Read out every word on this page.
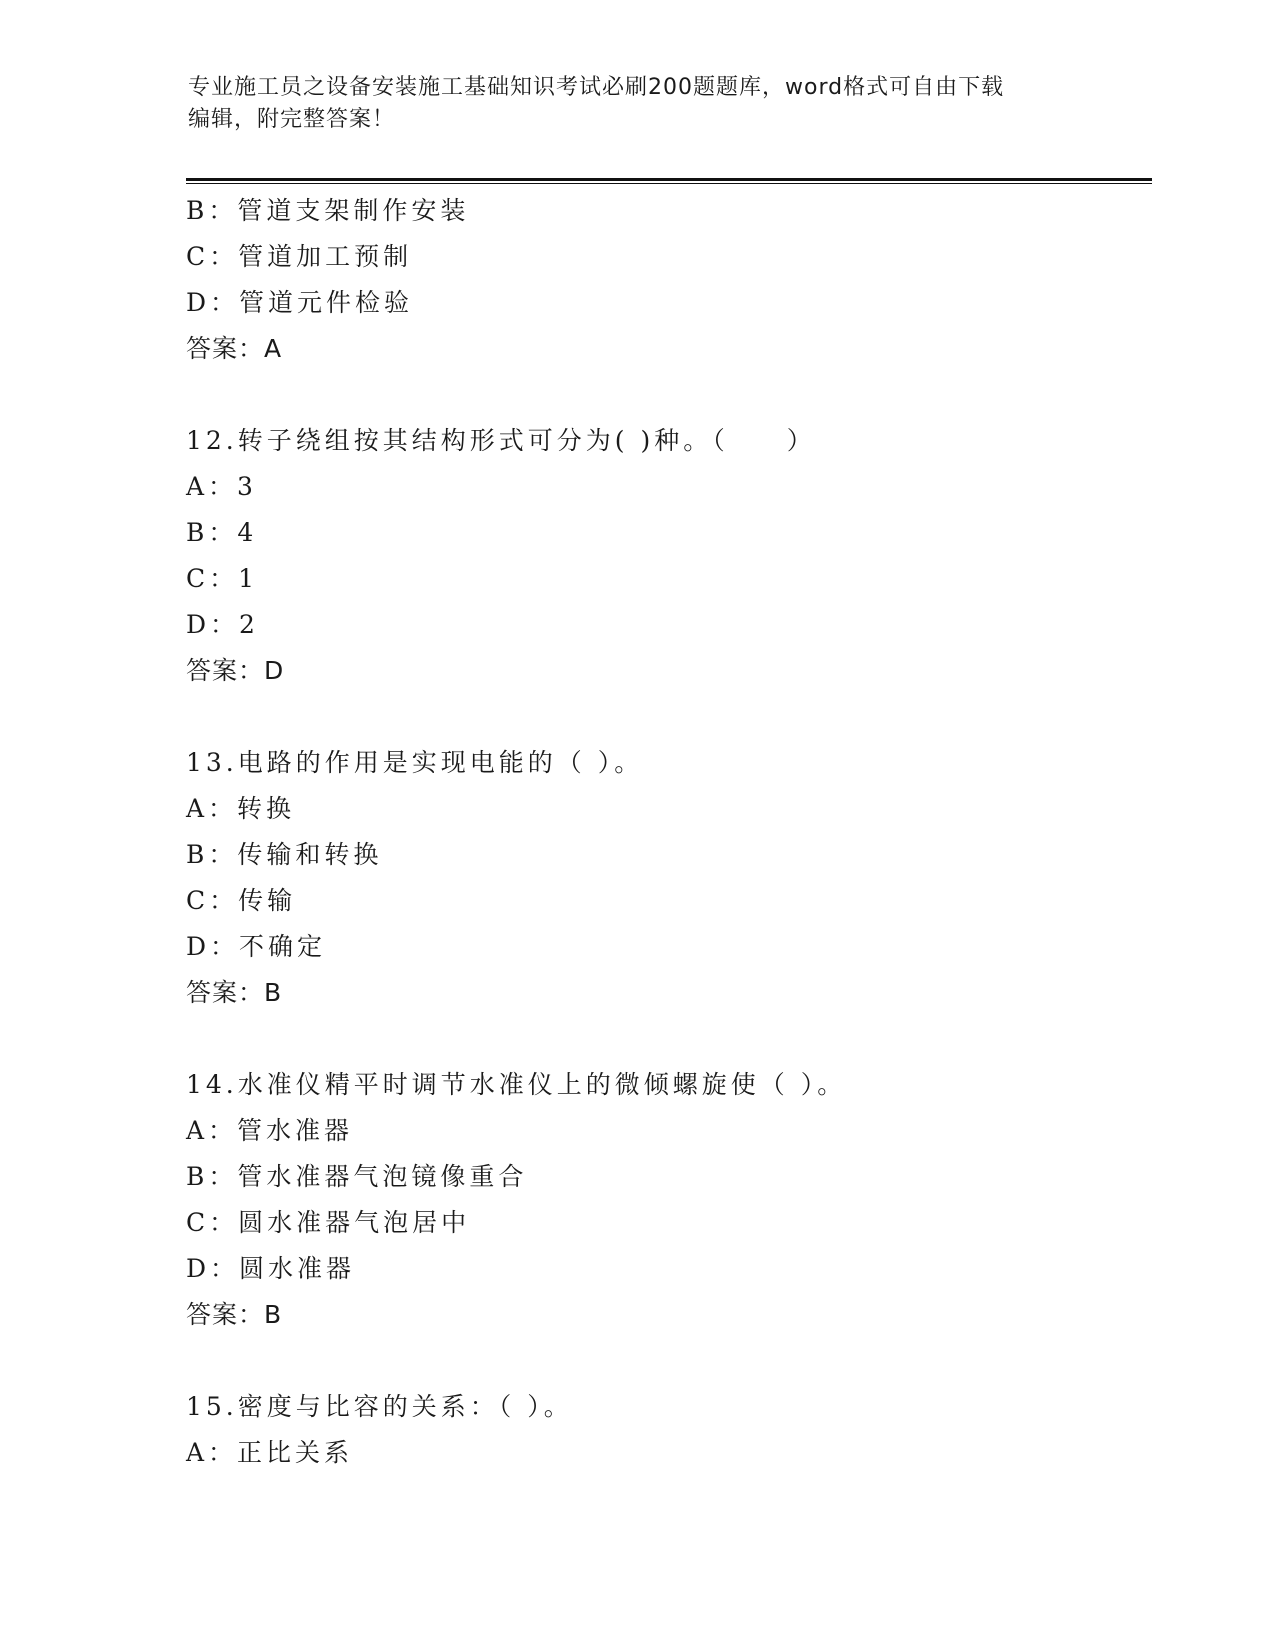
专业施工员之设备安装施工基础知识考试必刷200题题库，word格式可自由下载
编辑，附完整答案！
B：管道支架制作安装
C：管道加工预制
D：管道元件检验
答案：A
12.转子绕组按其结构形式可分为( )种。（　　）
A：3
B：4
C：1
D：2
答案：D
13.电路的作用是实现电能的（ ）。
A：转换
B：传输和转换
C：传输
D：不确定
答案：B
14.水准仪精平时调节水准仪上的微倾螺旋使（ ）。
A：管水准器
B：管水准器气泡镜像重合
C：圆水准器气泡居中
D：圆水准器
答案：B
15.密度与比容的关系：（ ）。
A：正比关系
